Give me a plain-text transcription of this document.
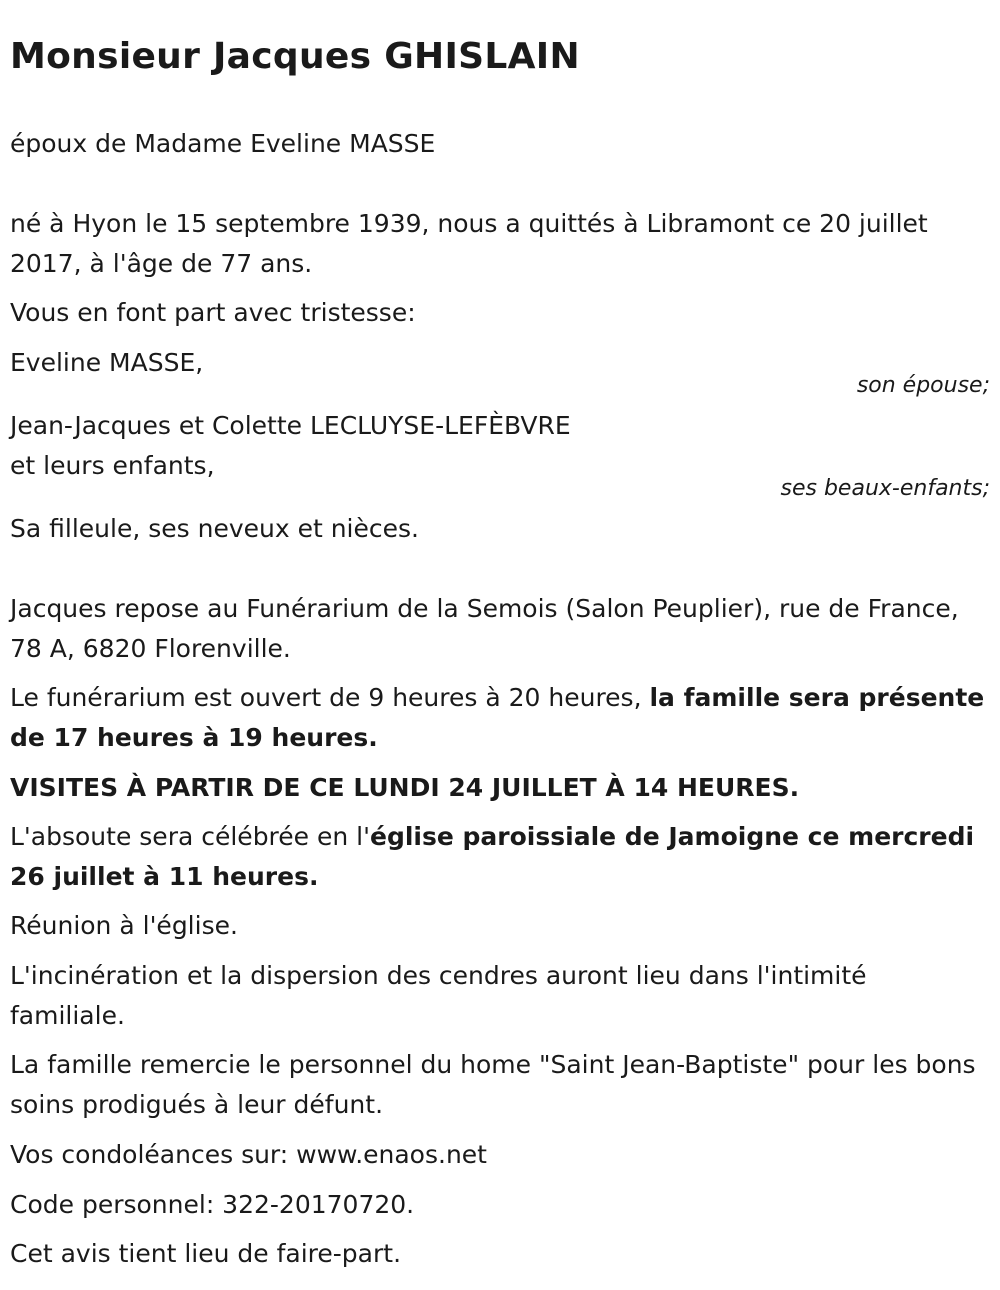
Monsieur Jacques GHISLAIN

époux de Madame Eveline MASSE

né à Hyon le 15 septembre 1939, nous a quittés à Libramont ce 20 juillet 2017, à l'âge de 77 ans.

Vous en font part avec tristesse:

Eveline MASSE,

son épouse;

Jean-Jacques et Colette LECLUYSE-LEFÈBVRE

et leurs enfants,

ses beaux-enfants;

Sa filleule, ses neveux et nièces.

Jacques repose au Funérarium de la Semois (Salon Peuplier), rue de France, 78 A, 6820 Florenville.

Le funérarium est ouvert de 9 heures à 20 heures, la famille sera présente de 17 heures à 19 heures.

VISITES À PARTIR DE CE LUNDI 24 JUILLET À 14 HEURES.

L'absoute sera célébrée en l'église paroissiale de Jamoigne ce mercredi 26 juillet à 11 heures.

Réunion à l'église.

L'incinération et la dispersion des cendres auront lieu dans l'intimité familiale.

La famille remercie le personnel du home "Saint Jean-Baptiste" pour les bons soins prodigués à leur défunt.

Vos condoléances sur: www.enaos.net

Code personnel: 322-20170720.

Cet avis tient lieu de faire-part.
